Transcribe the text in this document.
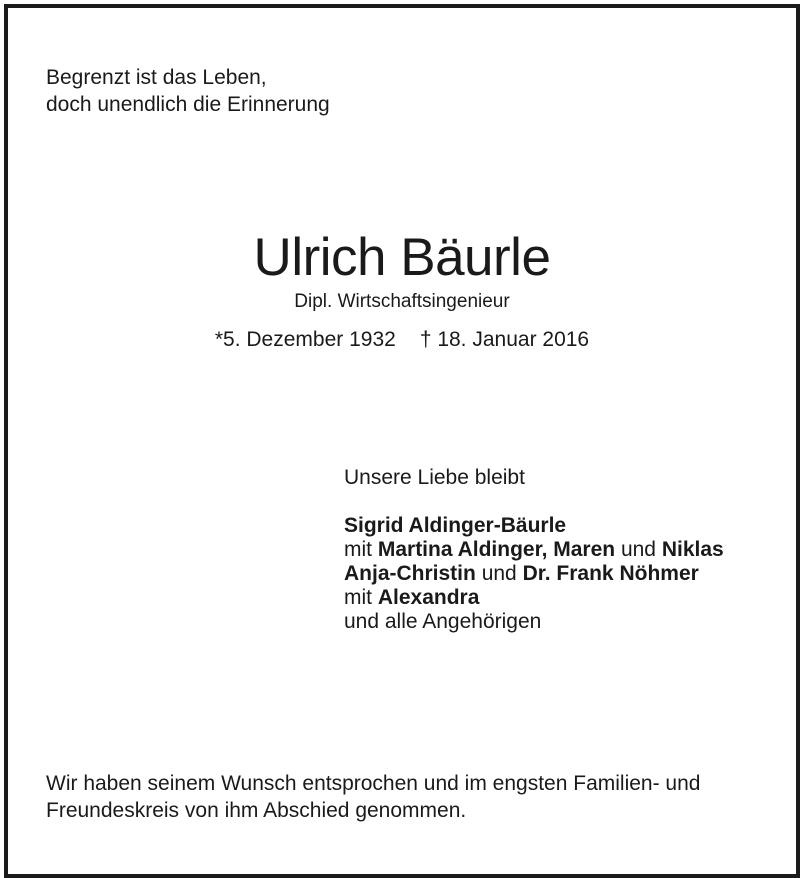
Begrenzt ist das Leben,
doch unendlich die Erinnerung
Ulrich Bäurle
Dipl. Wirtschaftsingenieur
*5. Dezember 1932 † 18. Januar 2016
Unsere Liebe bleibt
Sigrid Aldinger-Bäurle
mit Martina Aldinger, Maren und Niklas
Anja-Christin und Dr. Frank Nöhmer
mit Alexandra
und alle Angehörigen
Wir haben seinem Wunsch entsprochen und im engsten Familien- und
Freundeskreis von ihm Abschied genommen.
